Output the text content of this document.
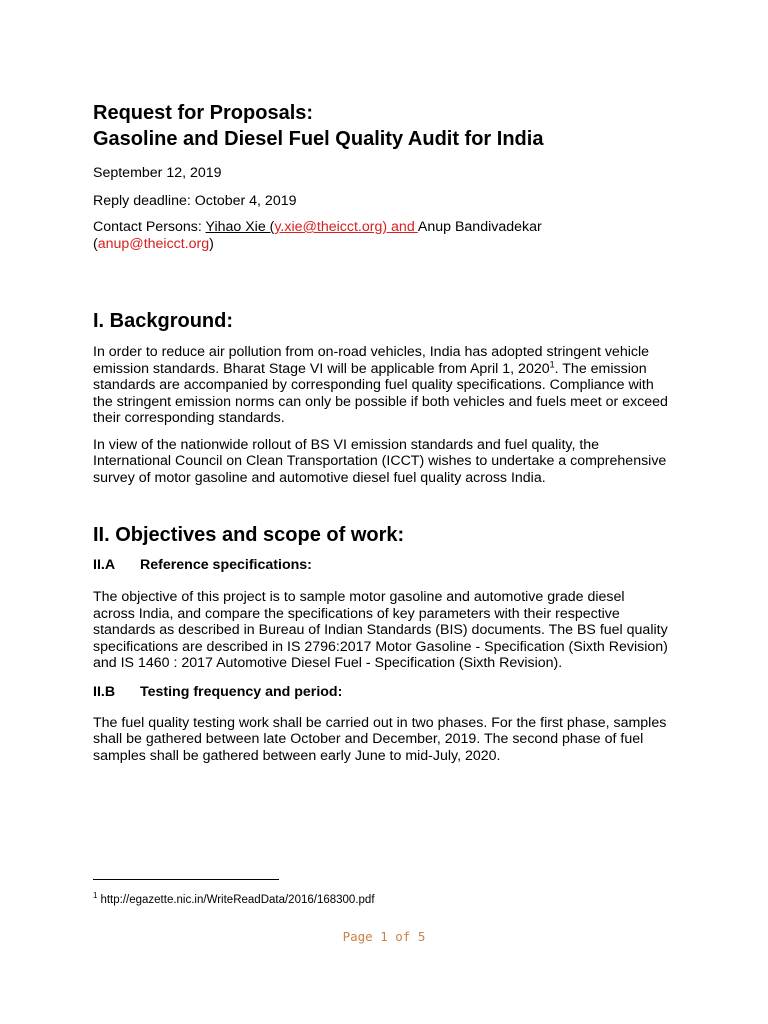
Request for Proposals:
Gasoline and Diesel Fuel Quality Audit for India

September 12, 2019

Reply deadline: October 4, 2019

Contact Persons: Yihao Xie (y.xie@theicct.org) and Anup Bandivadekar
(anup@theicct.org)

I. Background:

In order to reduce air pollution from on-road vehicles, India has adopted stringent vehicle emission standards. Bharat Stage VI will be applicable from April 1, 2020$^1$. The emission standards are accompanied by corresponding fuel quality specifications. Compliance with the stringent emission norms can only be possible if both vehicles and fuels meet or exceed their corresponding standards.

In view of the nationwide rollout of BS VI emission standards and fuel quality, the International Council on Clean Transportation (ICCT) wishes to undertake a comprehensive survey of motor gasoline and automotive diesel fuel quality across India.

II. Objectives and scope of work:
II.A	Reference specifications:

The objective of this project is to sample motor gasoline and automotive grade diesel across India, and compare the specifications of key parameters with their respective standards as described in Bureau of Indian Standards (BIS) documents. The BS fuel quality specifications are described in IS 2796:2017 Motor Gasoline - Specification (Sixth Revision) and IS 1460 : 2017 Automotive Diesel Fuel - Specification (Sixth Revision).

II.B	Testing frequency and period:

The fuel quality testing work shall be carried out in two phases. For the first phase, samples shall be gathered between late October and December, 2019. The second phase of fuel samples shall be gathered between early June to mid-July, 2020.

$^1$ http://egazette.nic.in/WriteReadData/2016/168300.pdf
Page 1 of 5
